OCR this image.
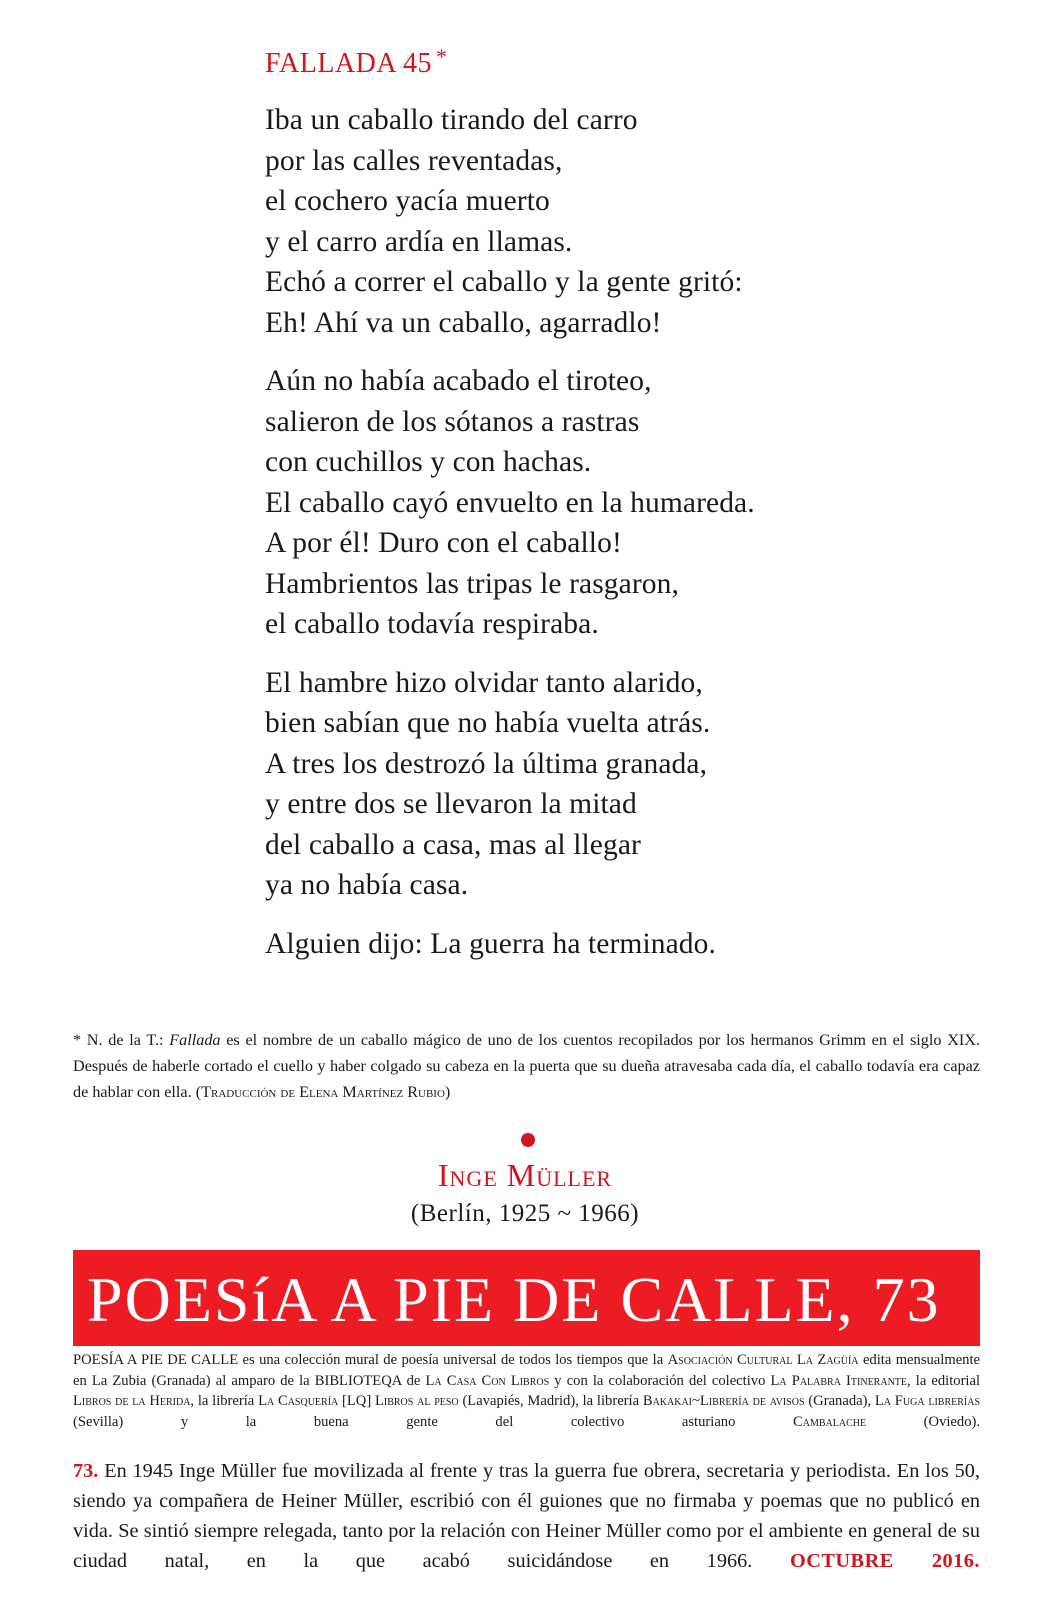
FALLADA 45 *
Iba un caballo tirando del carro
por las calles reventadas,
el cochero yacía muerto
y el carro ardía en llamas.
Echó a correr el caballo y la gente gritó:
Eh! Ahí va un caballo, agarradlo!
Aún no había acabado el tiroteo,
salieron de los sótanos a rastras
con cuchillos y con hachas.
El caballo cayó envuelto en la humareda.
A por él! Duro con el caballo!
Hambrientos las tripas le rasgaron,
el caballo todavía respiraba.
El hambre hizo olvidar tanto alarido,
bien sabían que no había vuelta atrás.
A tres los destrozó la última granada,
y entre dos se llevaron la mitad
del caballo a casa, mas al llegar
ya no había casa.
Alguien dijo: La guerra ha terminado.
* N. de la T.: Fallada es el nombre de un caballo mágico de uno de los cuentos recopilados por los hermanos Grimm en el siglo XIX. Después de haberle cortado el cuello y haber colgado su cabeza en la puerta que su dueña atravesaba cada día, el caballo todavía era capaz de hablar con ella. (Traducción de Elena Martínez Rubio)
Inge Müller
(Berlín, 1925 ~ 1966)
POESíA A PIE DE CALLE, 73
POESÍA A PIE DE CALLE es una colección mural de poesía universal de todos los tiempos que la Asociación Cultural La Zagüía edita mensualmente en La Zubia (Granada) al amparo de la BIBLIOTEQA de La Casa Con Libros y con la colaboración del colectivo La Palabra Itinerante, la editorial Libros de la Herida, la librería La Casquería [LQ] Libros al peso (Lavapiés, Madrid), la librería Bakakai~Librería de avisos (Granada), La Fuga librerías (Sevilla) y la buena gente del colectivo asturiano	Cambalache	(Oviedo).
73. En 1945 Inge Müller fue movilizada al frente y tras la guerra fue obrera, secretaria y periodista. En los 50, siendo ya compañera de Heiner Müller, escribió con él guiones que no firmaba y poemas que no publicó en vida. Se sintió siempre relegada, tanto por la relación con Heiner Müller como por el ambiente en general de su ciudad natal, en la que acabó suicidándose en 1966. OCTUBRE 2016.
